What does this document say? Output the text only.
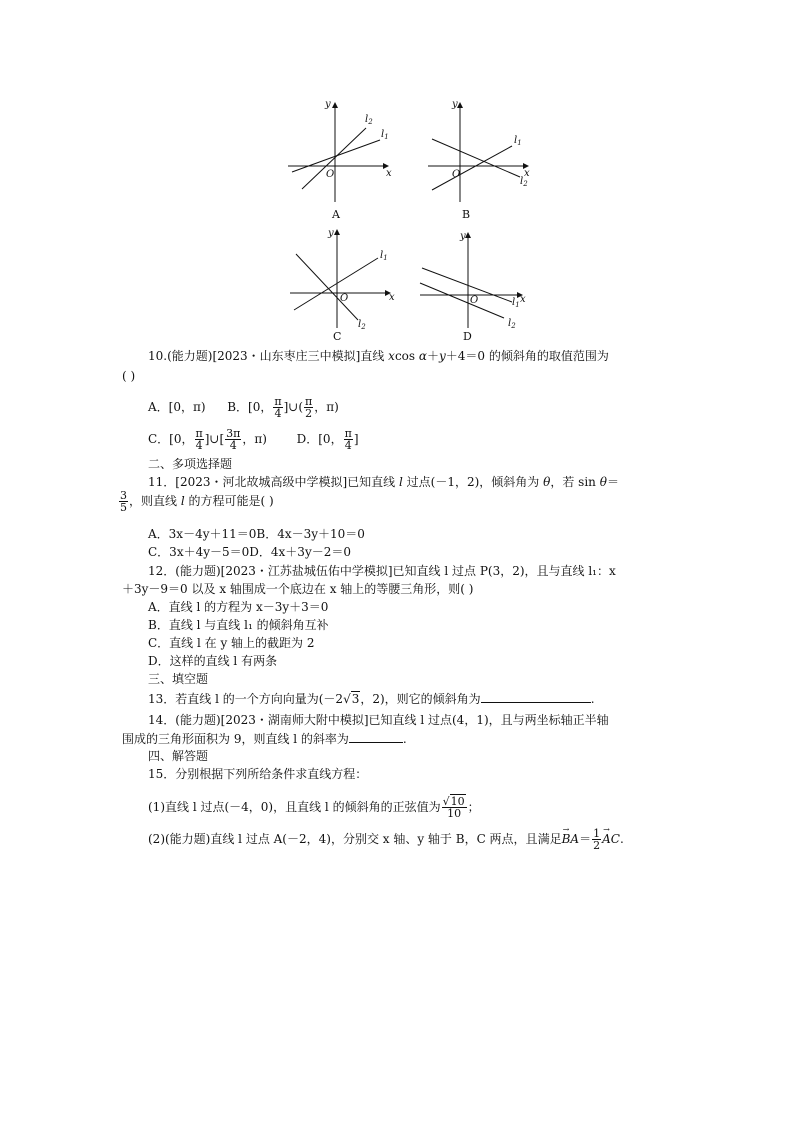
y
x
O
$l_2$
$l_1$
A
y
x
O
$l_1$
$l_2$
B
y
x
O
$l_1$
$l_2$
C
y
x
O	$l_1$
$l_2$
D
10.(能力题)[2023・山东枣庄三中模拟]直线 xcos α＋y＋4＝0 的倾斜角的取值范围为
( )
A．[0，π) B．[0， $\frac{\pi}{4}$ ]∪( $\frac{\pi}{2}$ ，π)
C．[0， $\frac{\pi}{4}$ ]∪[ $\frac{3\pi}{4}$ ，π) D．[0， $\frac{\pi}{4}$ ]
二、多项选择题
11．[2023・河北故城高级中学模拟]已知直线 l 过点(－1，2)，倾斜角为 θ，若 sin θ＝
$\frac{3}{5}$ ，则直线 l 的方程可能是( )
A．3x－4y＋11＝0B．4x－3y＋10＝0
C．3x＋4y－5＝0D．4x＋3y－2＝0
12．(能力题)[2023・江苏盐城伍佑中学模拟]已知直线 l 过点 P(3，2)，且与直线 l₁：x
＋3y－9＝0 以及 x 轴围成一个底边在 x 轴上的等腰三角形，则( )
A．直线 l 的方程为 x－3y＋3＝0
B．直线 l 与直线 l₁ 的倾斜角互补
C．直线 l 在 y 轴上的截距为 2
D．这样的直线 l 有两条
三、填空题
13．若直线 l 的一个方向向量为(－2√3，2)，则它的倾斜角为	.
14．(能力题)[2023・湖南师大附中模拟]已知直线 l 过点(4，1)，且与两坐标轴正半轴
围成的三角形面积为 9，则直线 l 的斜率为	.
四、解答题
15．分别根据下列所给条件求直线方程：
(1)直线 l 过点(－4，0)，且直线 l 的倾斜角的正弦值为 $\frac{√10}{10}$ ；
(2)(能力题)直线 l 过点 A(－2，4)，分别交 x 轴、y 轴于 B，C 两点，且满足→ $BA= \frac{1}{2}$
→ AC.
